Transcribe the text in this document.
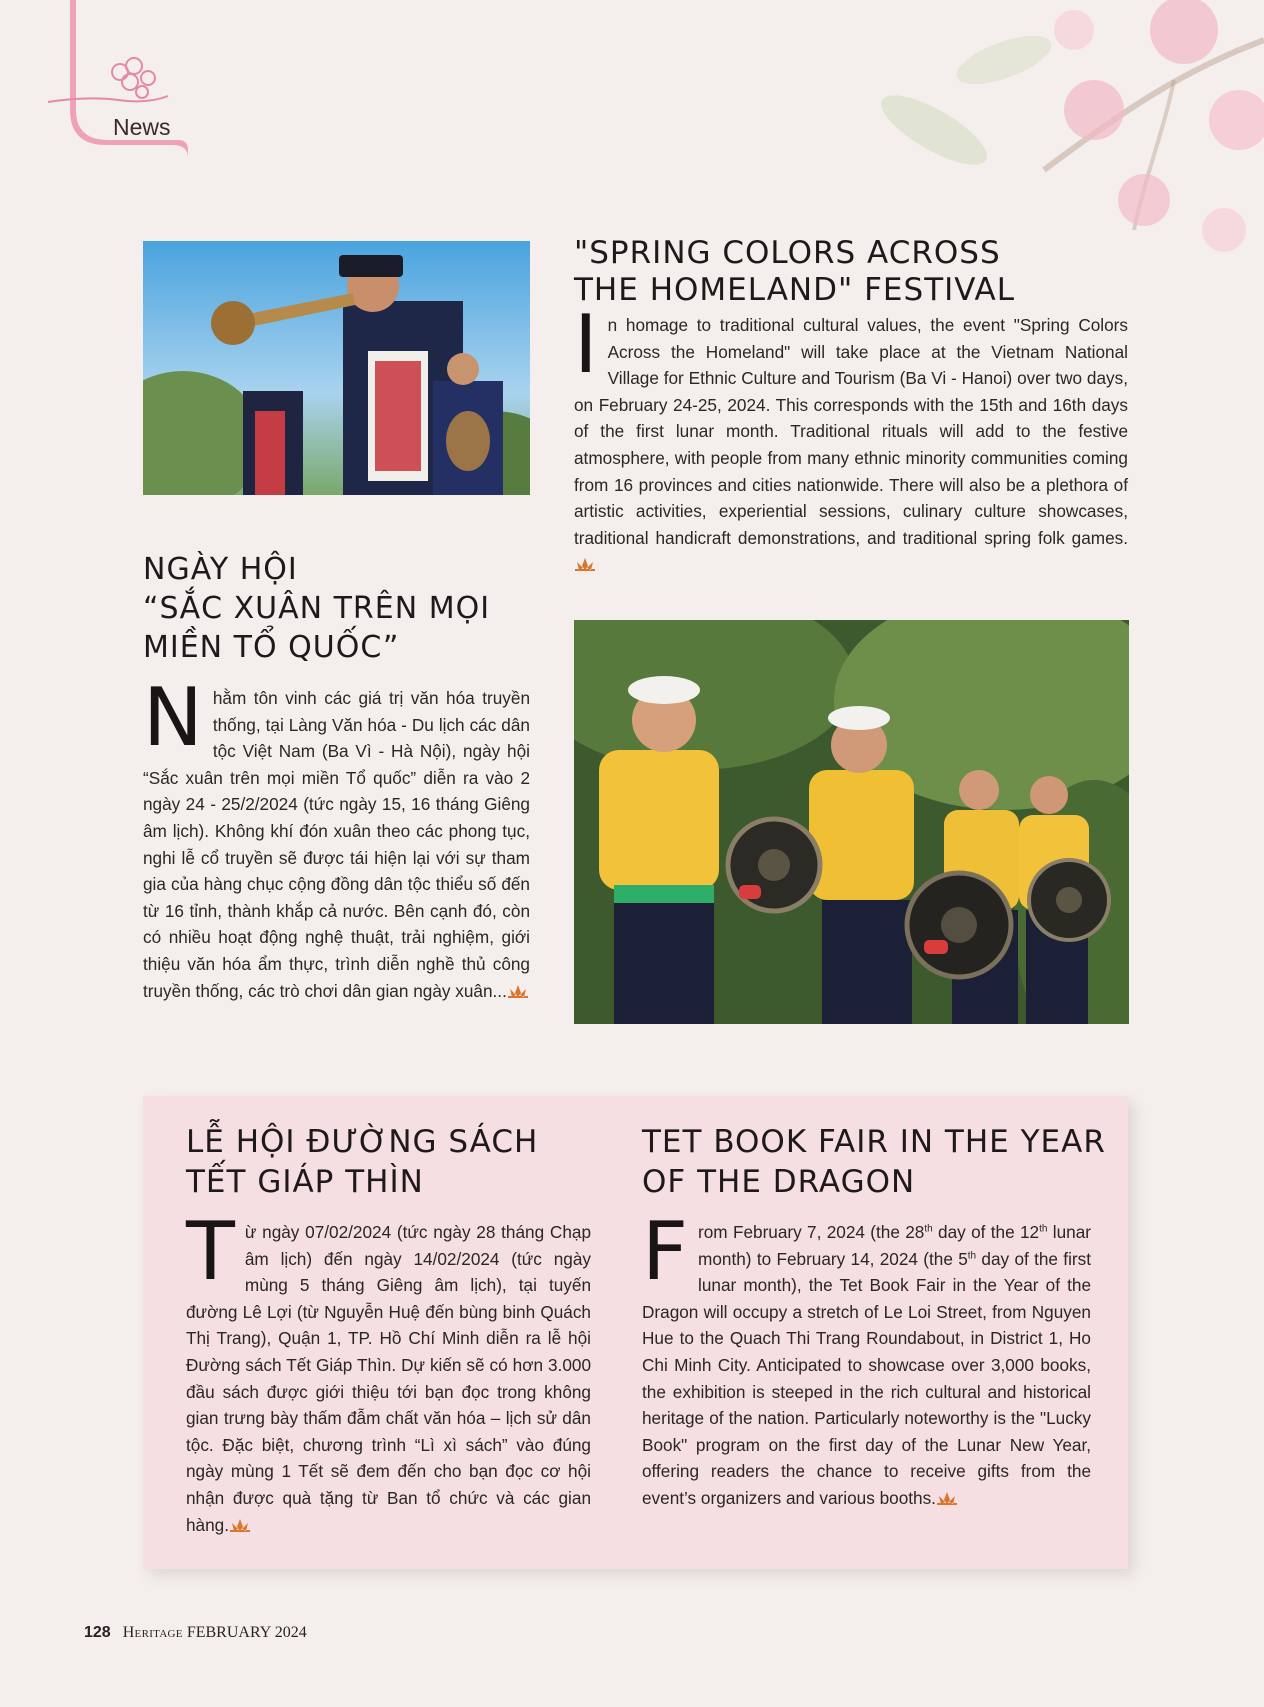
News
"SPRING COLORS ACROSS
THE HOMELAND" FESTIVAL

In homage to traditional cultural values, the event "Spring Colors Across the Homeland" will take place at the Vietnam National Village for Ethnic Culture and Tourism (Ba Vi - Hanoi) over two days, on February 24-25, 2024. This corresponds with the 15th and 16th days of the first lunar month. Traditional rituals will add to the festive atmosphere, with people from many ethnic minority communities coming from 16 provinces and cities nationwide. There will also be a plethora of artistic activities, experiential sessions, culinary culture showcases, traditional handicraft demonstrations, and traditional spring folk games.

NGÀY HỘI
“SẮC XUÂN TRÊN MỌI
MIỀN TỔ QUỐC”

Nhằm tôn vinh các giá trị văn hóa truyền thống, tại Làng Văn hóa - Du lịch các dân tộc Việt Nam (Ba Vì - Hà Nội), ngày hội “Sắc xuân trên mọi miền Tổ quốc” diễn ra vào 2 ngày 24 - 25/2/2024 (tức ngày 15, 16 tháng Giêng âm lịch). Không khí đón xuân theo các phong tục, nghi lễ cổ truyền sẽ được tái hiện lại với sự tham gia của hàng chục cộng đồng dân tộc thiểu số đến từ 16 tỉnh, thành khắp cả nước. Bên cạnh đó, còn có nhiều hoạt động nghệ thuật, trải nghiệm, giới thiệu văn hóa ẩm thực, trình diễn nghề thủ công truyền thống, các trò chơi dân gian ngày xuân...

LỄ HỘI ĐƯỜNG SÁCH
TẾT GIÁP THÌN

Từ ngày 07/02/2024 (tức ngày 28 tháng Chạp âm lịch) đến ngày 14/02/2024 (tức ngày mùng 5 tháng Giêng âm lịch), tại tuyến đường Lê Lợi (từ Nguyễn Huệ đến bùng binh Quách Thị Trang), Quận 1, TP. Hồ Chí Minh diễn ra lễ hội Đường sách Tết Giáp Thìn. Dự kiến sẽ có hơn 3.000 đầu sách được giới thiệu tới bạn đọc trong không gian trưng bày thấm đẫm chất văn hóa – lịch sử dân tộc. Đặc biệt, chương trình “Lì xì sách” vào đúng ngày mùng 1 Tết sẽ đem đến cho bạn đọc cơ hội nhận được quà tặng từ Ban tổ chức và các gian hàng.

TET BOOK FAIR IN THE YEAR
OF THE DRAGON

From February 7, 2024 (the 28th day of the 12th lunar month) to February 14, 2024 (the 5th day of the first lunar month), the Tet Book Fair in the Year of the Dragon will occupy a stretch of Le Loi Street, from Nguyen Hue to the Quach Thi Trang Roundabout, in District 1, Ho Chi Minh City. Anticipated to showcase over 3,000 books, the exhibition is steeped in the rich cultural and historical heritage of the nation. Particularly noteworthy is the "Lucky Book" program on the first day of the Lunar New Year, offering readers the chance to receive gifts from the event’s organizers and various booths.

128 Heritage FEBRUARY 2024
